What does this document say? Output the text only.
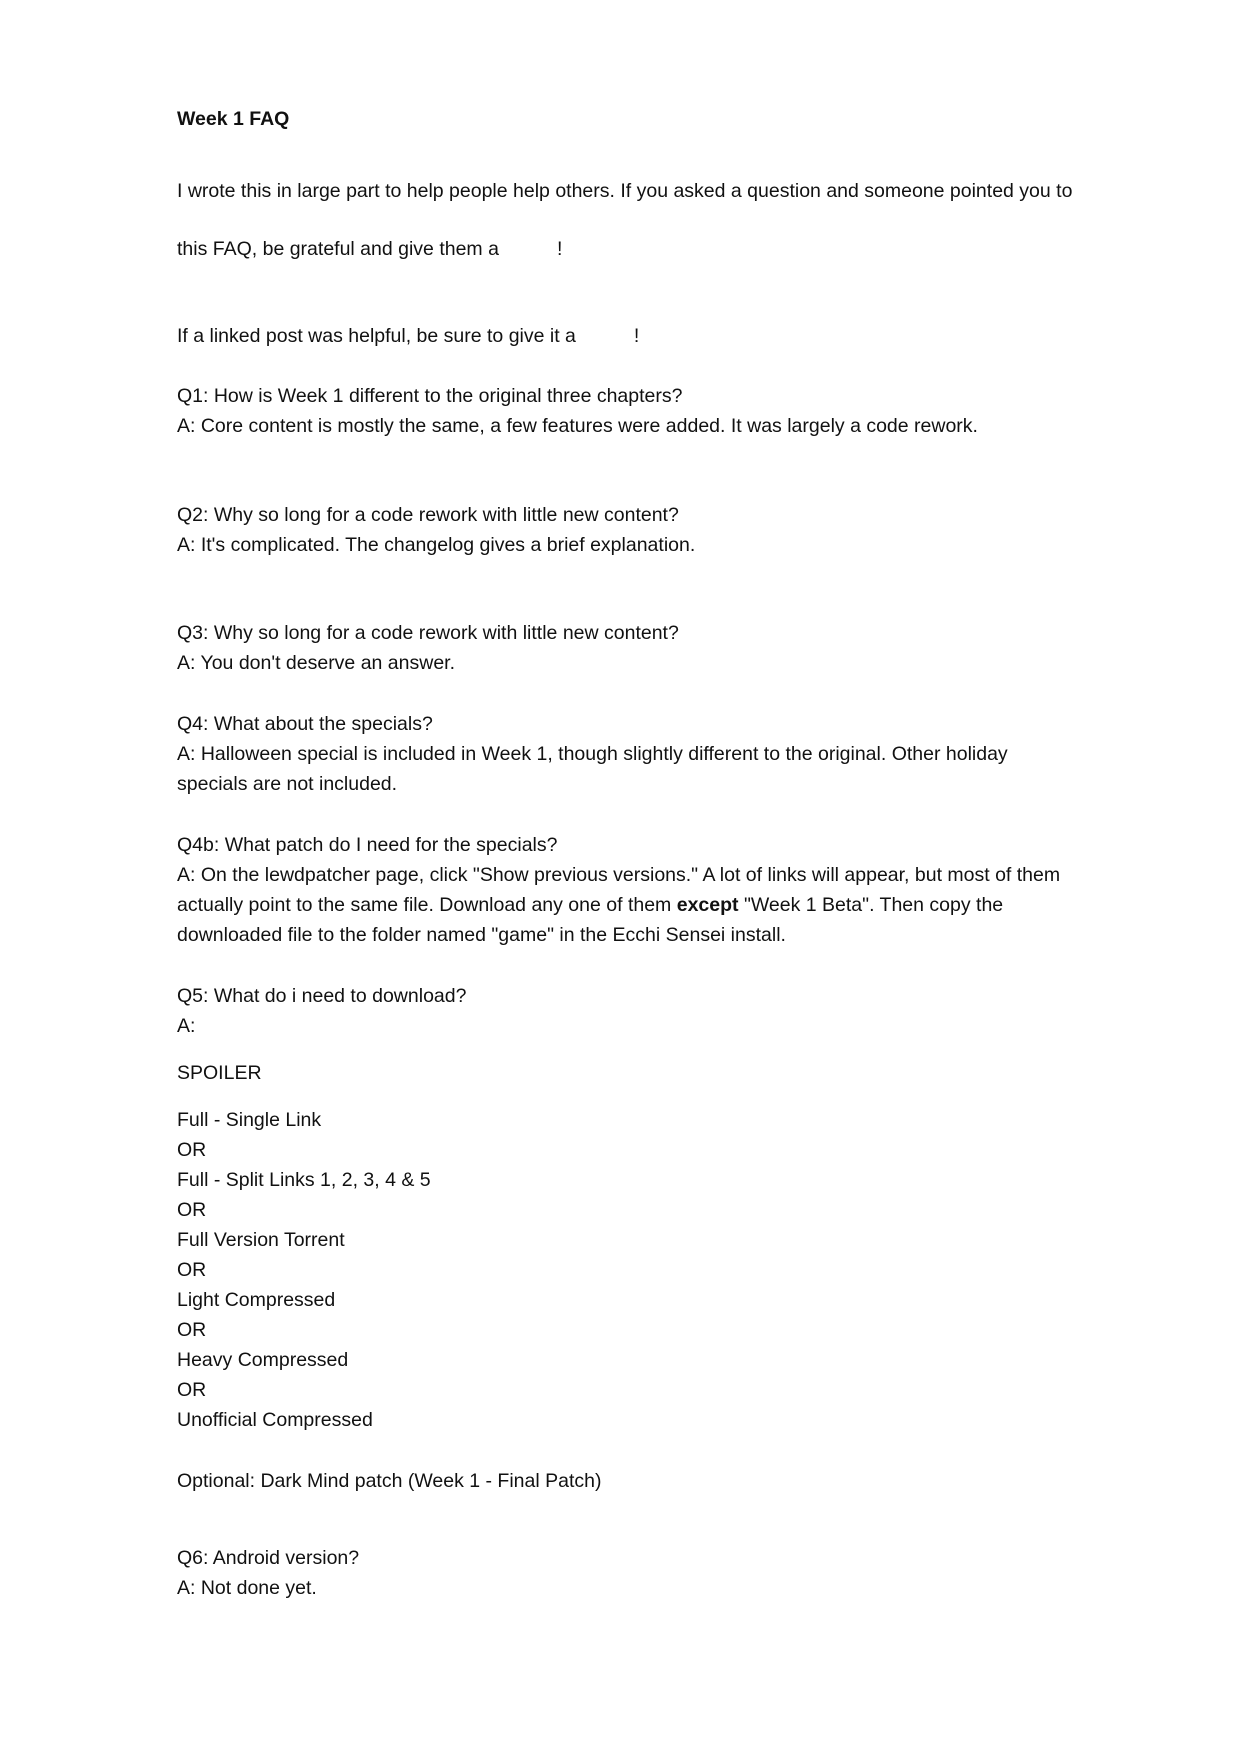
Week 1 FAQ
I wrote this in large part to help people help others. If you asked a question and someone pointed you to
this FAQ, be grateful and give them a	!
If a linked post was helpful, be sure to give it a	!
Q1: How is Week 1 different to the original three chapters?
A: Core content is mostly the same, a few features were added. It was largely a code rework.
Q2: Why so long for a code rework with little new content?
A: It's complicated. The changelog gives a brief explanation.
Q3: Why so long for a code rework with little new content?
A: You don't deserve an answer.
Q4: What about the specials?
A: Halloween special is included in Week 1, though slightly different to the original. Other holiday
specials are not included.
Q4b: What patch do I need for the specials?
A: On the lewdpatcher page, click "Show previous versions." A lot of links will appear, but most of them
actually point to the same file. Download any one of them except "Week 1 Beta". Then copy the
downloaded file to the folder named "game" in the Ecchi Sensei install.
Q5: What do i need to download?
A:
SPOILER
Full - Single Link
OR
Full - Split Links 1, 2, 3, 4 & 5
OR
Full Version Torrent
OR
Light Compressed
OR
Heavy Compressed
OR
Unofficial Compressed
Optional: Dark Mind patch (Week 1 - Final Patch)
Q6: Android version?
A: Not done yet.
